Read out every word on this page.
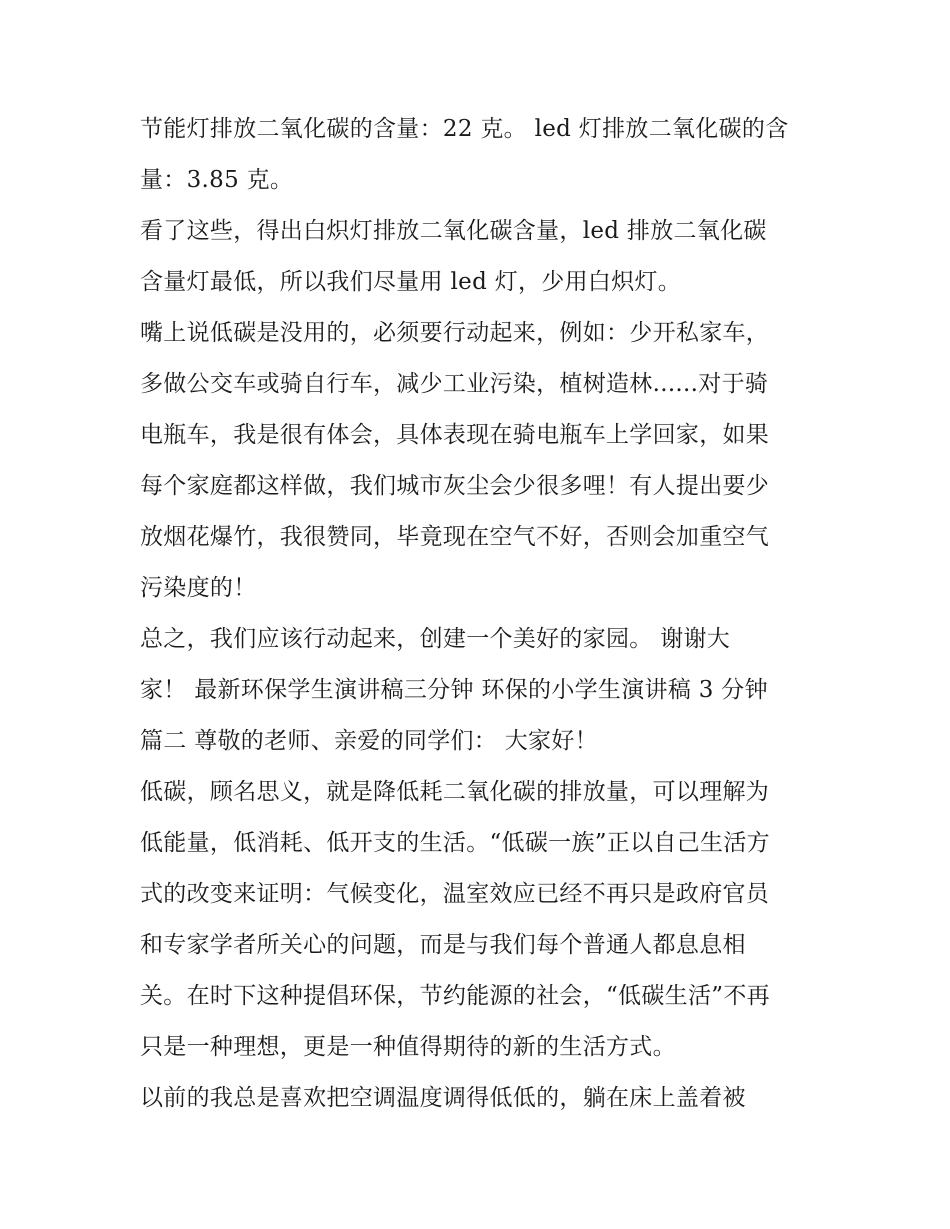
节能灯排放二氧化碳的含量：22 克。 led 灯排放二氧化碳的含
量：3.85 克。
看了这些，得出白炽灯排放二氧化碳含量，led 排放二氧化碳
含量灯最低，所以我们尽量用 led 灯，少用白炽灯。
嘴上说低碳是没用的，必须要行动起来，例如：少开私家车，
多做公交车或骑自行车，减少工业污染，植树造林......对于骑
电瓶车，我是很有体会，具体表现在骑电瓶车上学回家，如果
每个家庭都这样做，我们城市灰尘会少很多哩！有人提出要少
放烟花爆竹，我很赞同，毕竟现在空气不好，否则会加重空气
污染度的！
总之，我们应该行动起来，创建一个美好的家园。 谢谢大
家！ 最新环保学生演讲稿三分钟 环保的小学生演讲稿 3 分钟
篇二 尊敬的老师、亲爱的同学们： 大家好！
低碳，顾名思义，就是降低耗二氧化碳的排放量，可以理解为
低能量，低消耗、低开支的生活。“低碳一族”正以自己生活方
式的改变来证明：气候变化，温室效应已经不再只是政府官员
和专家学者所关心的问题，而是与我们每个普通人都息息相
关。在时下这种提倡环保，节约能源的社会，“低碳生活”不再
只是一种理想，更是一种值得期待的新的生活方式。
以前的我总是喜欢把空调温度调得低低的，躺在床上盖着被
